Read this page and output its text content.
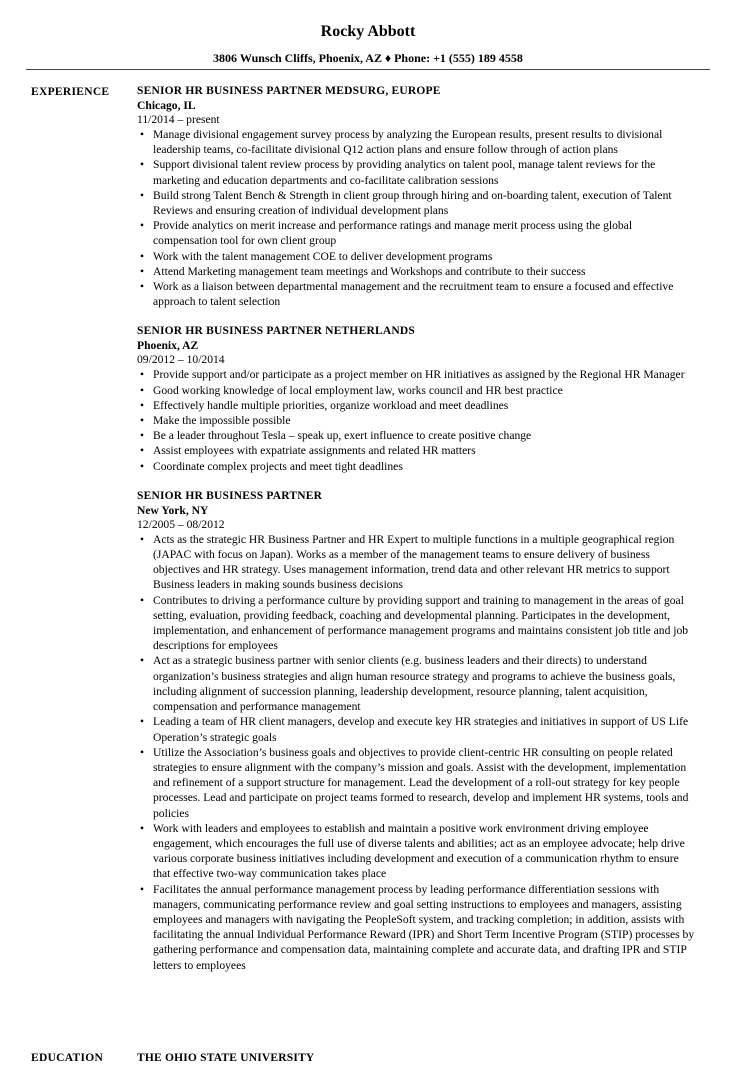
Rocky Abbott
3806 Wunsch Cliffs, Phoenix, AZ ♦ Phone: +1 (555) 189 4558
EXPERIENCE SENIOR HR BUSINESS PARTNER MEDSURG, EUROPE
Chicago, IL
11/2014 – present
• Manage divisional engagement survey process by analyzing the European results, present results to divisional leadership teams, co-facilitate divisional Q12 action plans and ensure follow through of action plans
• Support divisional talent review process by providing analytics on talent pool, manage talent reviews for the marketing and education departments and co-facilitate calibration sessions
• Build strong Talent Bench & Strength in client group through hiring and on-boarding talent, execution of Talent Reviews and ensuring creation of individual development plans
• Provide analytics on merit increase and performance ratings and manage merit process using the global compensation tool for own client group
• Work with the talent management COE to deliver development programs
• Attend Marketing management team meetings and Workshops and contribute to their success
• Work as a liaison between departmental management and the recruitment team to ensure a focused and effective approach to talent selection
SENIOR HR BUSINESS PARTNER NETHERLANDS
Phoenix, AZ
09/2012 – 10/2014
• Provide support and/or participate as a project member on HR initiatives as assigned by the Regional HR Manager
• Good working knowledge of local employment law, works council and HR best practice
• Effectively handle multiple priorities, organize workload and meet deadlines
• Make the impossible possible
• Be a leader throughout Tesla – speak up, exert influence to create positive change
• Assist employees with expatriate assignments and related HR matters
• Coordinate complex projects and meet tight deadlines
SENIOR HR BUSINESS PARTNER
New York, NY
12/2005 – 08/2012
• Acts as the strategic HR Business Partner and HR Expert to multiple functions in a multiple geographical region (JAPAC with focus on Japan). Works as a member of the management teams to ensure delivery of business objectives and HR strategy. Uses management information, trend data and other relevant HR metrics to support Business leaders in making sounds business decisions
• Contributes to driving a performance culture by providing support and training to management in the areas of goal setting, evaluation, providing feedback, coaching and developmental planning. Participates in the development, implementation, and enhancement of performance management programs and maintains consistent job title and job descriptions for employees
• Act as a strategic business partner with senior clients (e.g. business leaders and their directs) to understand organization’s business strategies and align human resource strategy and programs to achieve the business goals, including alignment of succession planning, leadership development, resource planning, talent acquisition, compensation and performance management
• Leading a team of HR client managers, develop and execute key HR strategies and initiatives in support of US Life Operation’s strategic goals
• Utilize the Association’s business goals and objectives to provide client-centric HR consulting on people related strategies to ensure alignment with the company’s mission and goals. Assist with the development, implementation and refinement of a support structure for management. Lead the development of a roll-out strategy for key people processes. Lead and participate on project teams formed to research, develop and implement HR systems, tools and policies
• Work with leaders and employees to establish and maintain a positive work environment driving employee engagement, which encourages the full use of diverse talents and abilities; act as an employee advocate; help drive various corporate business initiatives including development and execution of a communication rhythm to ensure that effective two-way communication takes place
• Facilitates the annual performance management process by leading performance differentiation sessions with managers, communicating performance review and goal setting instructions to employees and managers, assisting employees and managers with navigating the PeopleSoft system, and tracking completion; in addition, assists with facilitating the annual Individual Performance Reward (IPR) and Short Term Incentive Program (STIP) processes by gathering performance and compensation data, maintaining complete and accurate data, and drafting IPR and STIP letters to employees
EDUCATION	THE OHIO STATE UNIVERSITY
